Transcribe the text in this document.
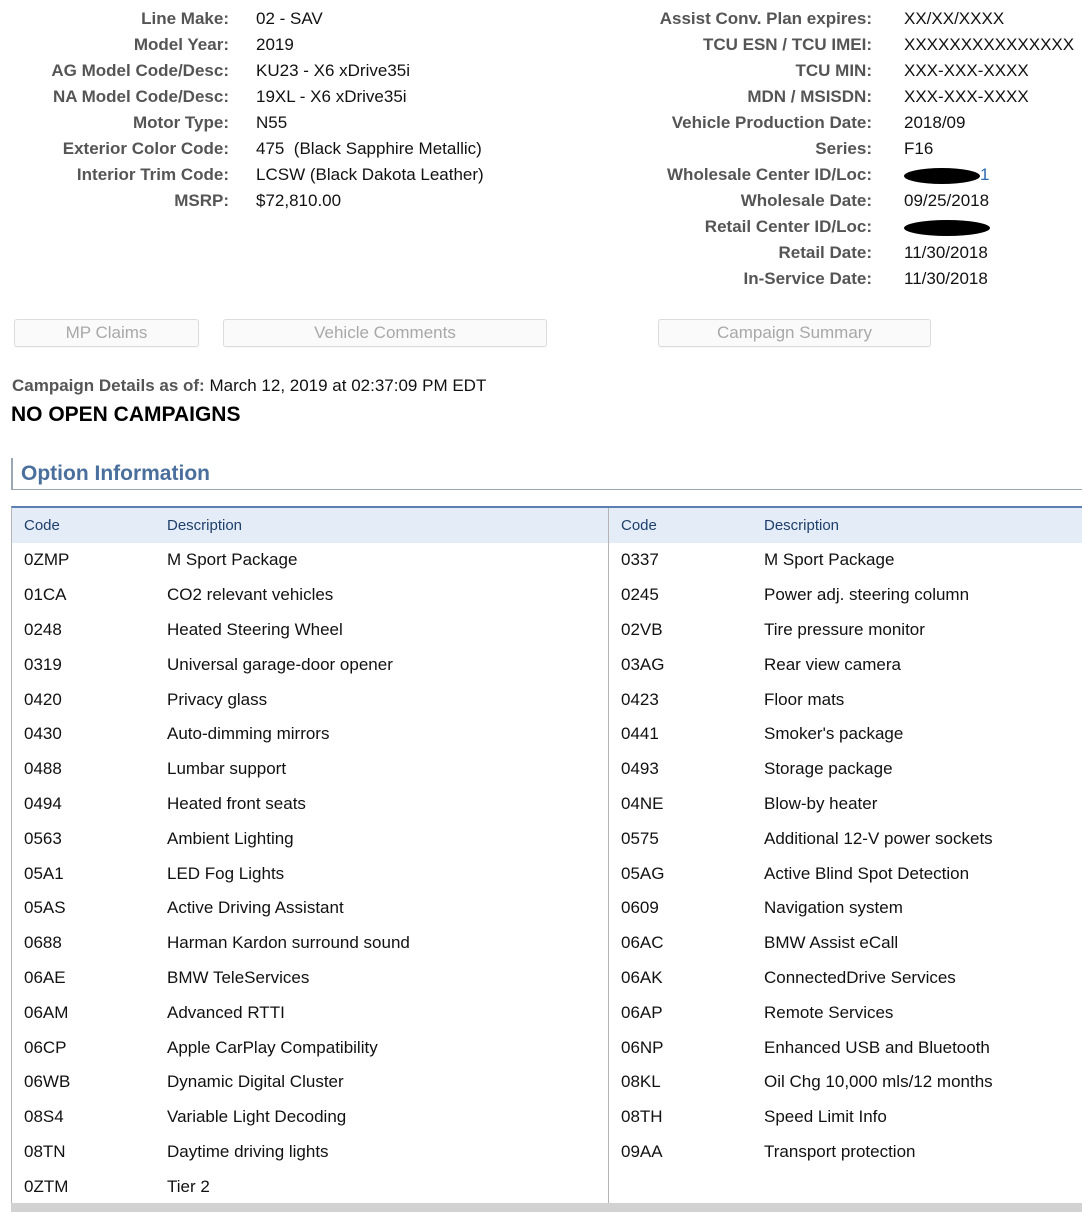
Line Make:	02 - SAV
Model Year:	2019
AG Model Code/Desc:	KU23 - X6 xDrive35i
NA Model Code/Desc:	19XL - X6 xDrive35i
Motor Type:	N55
Exterior Color Code:	475  (Black Sapphire Metallic)
Interior Trim Code:	LCSW (Black Dakota Leather)
MSRP:	$72,810.00
Assist Conv. Plan expires:	XX/XX/XXXX
TCU ESN / TCU IMEI:	XXXXXXXXXXXXXXX
TCU MIN:	XXX-XXX-XXXX
MDN / MSISDN:	XXX-XXX-XXXX
Vehicle Production Date:	2018/09
Series:	F16
Wholesale Center ID/Loc:	1
Wholesale Date:	09/25/2018
Retail Center ID/Loc:
Retail Date:	11/30/2018
In-Service Date:	11/30/2018
MP Claims	Vehicle Comments	Campaign Summary
Campaign Details as of: March 12, 2019 at 02:37:09 PM EDT
NO OPEN CAMPAIGNS
Option Information
Code	Description
0ZMP	M Sport Package
01CA	CO2 relevant vehicles
0248	Heated Steering Wheel
0319	Universal garage-door opener
0420	Privacy glass
0430	Auto-dimming mirrors
0488	Lumbar support
0494	Heated front seats
0563	Ambient Lighting
05A1	LED Fog Lights
05AS	Active Driving Assistant
0688	Harman Kardon surround sound
06AE	BMW TeleServices
06AM	Advanced RTTI
06CP	Apple CarPlay Compatibility
06WB	Dynamic Digital Cluster
08S4	Variable Light Decoding
08TN	Daytime driving lights
0ZTM	Tier 2
Code	Description
0337	M Sport Package
0245	Power adj. steering column
02VB	Tire pressure monitor
03AG	Rear view camera
0423	Floor mats
0441	Smoker's package
0493	Storage package
04NE	Blow-by heater
0575	Additional 12-V power sockets
05AG	Active Blind Spot Detection
0609	Navigation system
06AC	BMW Assist eCall
06AK	ConnectedDrive Services
06AP	Remote Services
06NP	Enhanced USB and Bluetooth
08KL	Oil Chg 10,000 mls/12 months
08TH	Speed Limit Info
09AA	Transport protection
